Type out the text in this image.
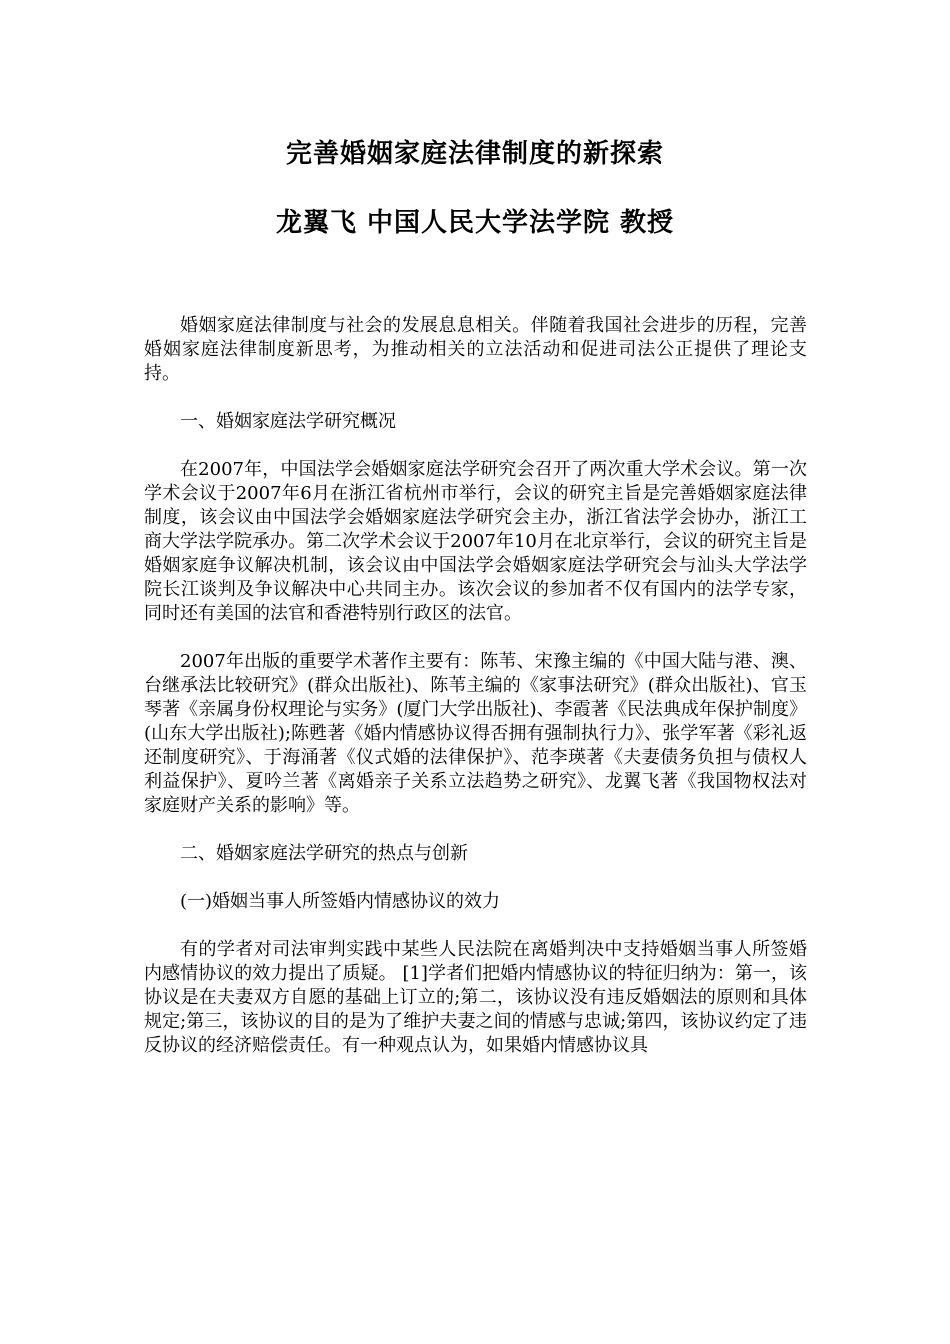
完善婚姻家庭法律制度的新探索
龙翼飞 中国人民大学法学院 教授

婚姻家庭法律制度与社会的发展息息相关。伴随着我国社会进步的历程，完善婚姻家庭法律制度新思考，为推动相关的立法活动和促进司法公正提供了理论支持。

一、婚姻家庭法学研究概况

在2007年，中国法学会婚姻家庭法学研究会召开了两次重大学术会议。第一次学术会议于2007年6月在浙江省杭州市举行，会议的研究主旨是完善婚姻家庭法律制度，该会议由中国法学会婚姻家庭法学研究会主办，浙江省法学会协办，浙江工商大学法学院承办。第二次学术会议于2007年10月在北京举行，会议的研究主旨是婚姻家庭争议解决机制，该会议由中国法学会婚姻家庭法学研究会与汕头大学法学院长江谈判及争议解决中心共同主办。该次会议的参加者不仅有国内的法学专家，同时还有美国的法官和香港特别行政区的法官。

2007年出版的重要学术著作主要有：陈苇、宋豫主编的《中国大陆与港、澳、台继承法比较研究》(群众出版社)、陈苇主编的《家事法研究》(群众出版社)、官玉琴著《亲属身份权理论与实务》(厦门大学出版社)、李霞著《民法典成年保护制度》(山东大学出版社);陈甦著《婚内情感协议得否拥有强制执行力》、张学军著《彩礼返还制度研究》、于海涌著《仪式婚的法律保护》、范李瑛著《夫妻债务负担与债权人利益保护》、夏吟兰著《离婚亲子关系立法趋势之研究》、龙翼飞著《我国物权法对家庭财产关系的影响》等。

二、婚姻家庭法学研究的热点与创新

(一)婚姻当事人所签婚内情感协议的效力

有的学者对司法审判实践中某些人民法院在离婚判决中支持婚姻当事人所签婚内感情协议的效力提出了质疑。 [1]学者们把婚内情感协议的特征归纳为：第一，该协议是在夫妻双方自愿的基础上订立的;第二，该协议没有违反婚姻法的原则和具体规定;第三，该协议的目的是为了维护夫妻之间的情感与忠诚;第四，该协议约定了违反协议的经济赔偿责任。有一种观点认为，如果婚内情感协议具
